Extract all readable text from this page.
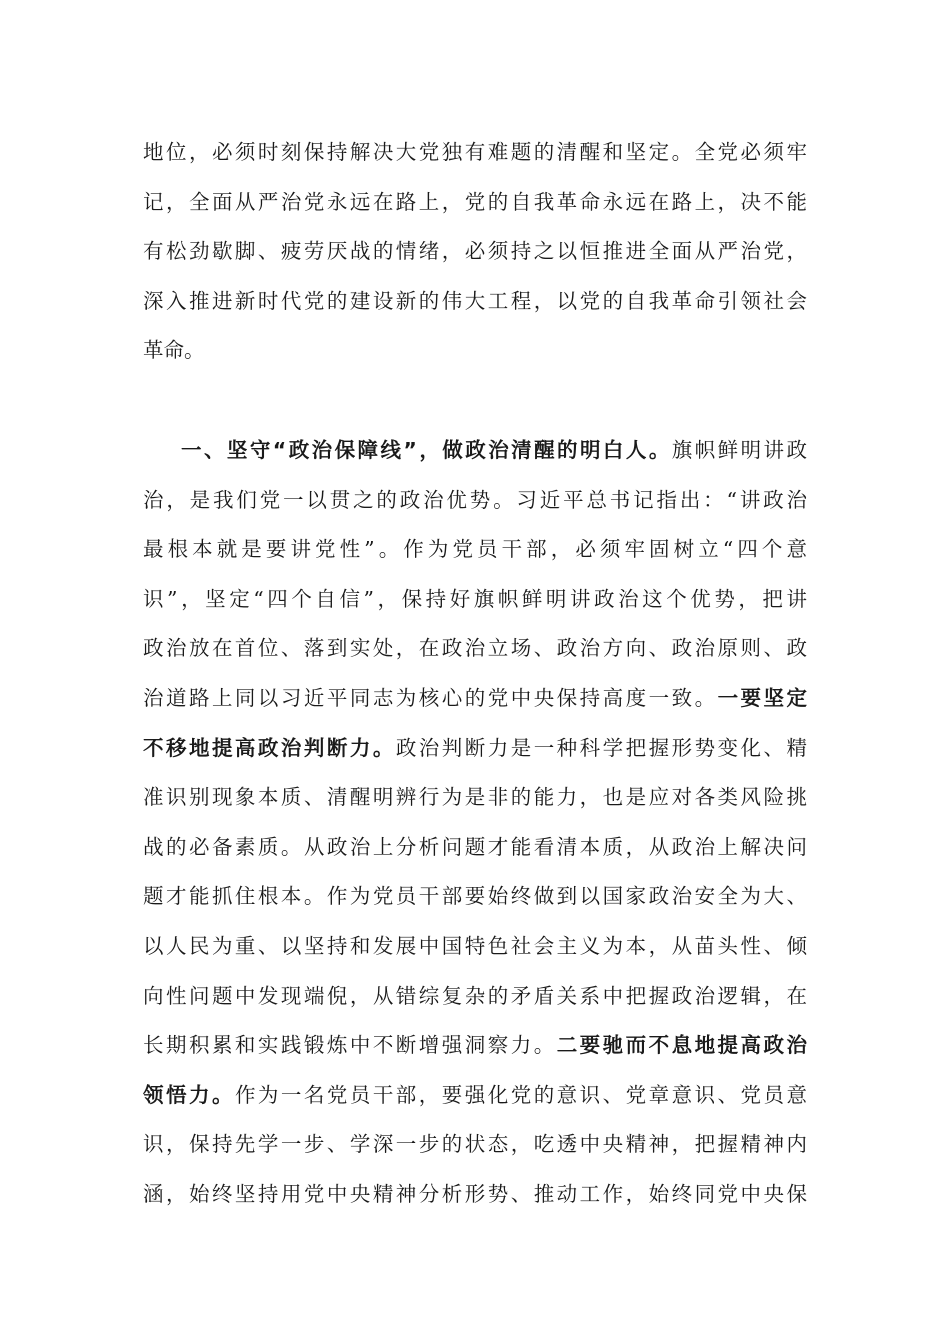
地位，必须时刻保持解决大党独有难题的清醒和坚定。全党必须牢
记，全面从严治党永远在路上，党的自我革命永远在路上，决不能
有松劲歇脚、疲劳厌战的情绪，必须持之以恒推进全面从严治党，
深入推进新时代党的建设新的伟大工程，以党的自我革命引领社会
革命。
一、坚守“政治保障线”，做政治清醒的明白人。旗帜鲜明讲政
治，是我们党一以贯之的政治优势。习近平总书记指出：“讲政治
最根本就是要讲党性”。作为党员干部，必须牢固树立“四个意
识”，坚定“四个自信”，保持好旗帜鲜明讲政治这个优势，把讲
政治放在首位、落到实处，在政治立场、政治方向、政治原则、政
治道路上同以习近平同志为核心的党中央保持高度一致。一要坚定
不移地提高政治判断力。政治判断力是一种科学把握形势变化、精
准识别现象本质、清醒明辨行为是非的能力，也是应对各类风险挑
战的必备素质。从政治上分析问题才能看清本质，从政治上解决问
题才能抓住根本。作为党员干部要始终做到以国家政治安全为大、
以人民为重、以坚持和发展中国特色社会主义为本，从苗头性、倾
向性问题中发现端倪，从错综复杂的矛盾关系中把握政治逻辑，在
长期积累和实践锻炼中不断增强洞察力。二要驰而不息地提高政治
领悟力。作为一名党员干部，要强化党的意识、党章意识、党员意
识，保持先学一步、学深一步的状态，吃透中央精神，把握精神内
涵，始终坚持用党中央精神分析形势、推动工作，始终同党中央保
